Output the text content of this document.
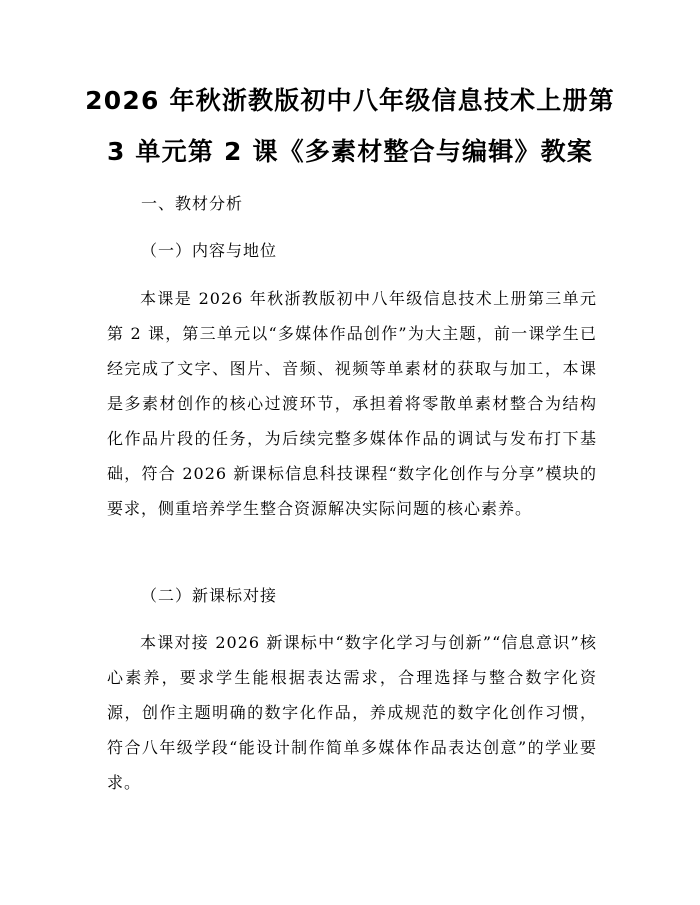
2026 年秋浙教版初中八年级信息技术上册第
3 单元第 2 课《多素材整合与编辑》教案
一、教材分析
（一）内容与地位

本课是 2026 年秋浙教版初中八年级信息技术上册第三单元第 2 课，第三单元以“多媒体作品创作”为大主题，前一课学生已经完成了文字、图片、音频、视频等单素材的获取与加工，本课是多素材创作的核心过渡环节，承担着将零散单素材整合为结构化作品片段的任务，为后续完整多媒体作品的调试与发布打下基础，符合 2026 新课标信息科技课程“数字化创作与分享”模块的要求，侧重培养学生整合资源解决实际问题的核心素养。

（二）新课标对接

本课对接 2026 新课标中“数字化学习与创新”“信息意识”核心素养，要求学生能根据表达需求，合理选择与整合数字化资源，创作主题明确的数字化作品，养成规范的数字化创作习惯，符合八年级学段“能设计制作简单多媒体作品表达创意”的学业要求。
